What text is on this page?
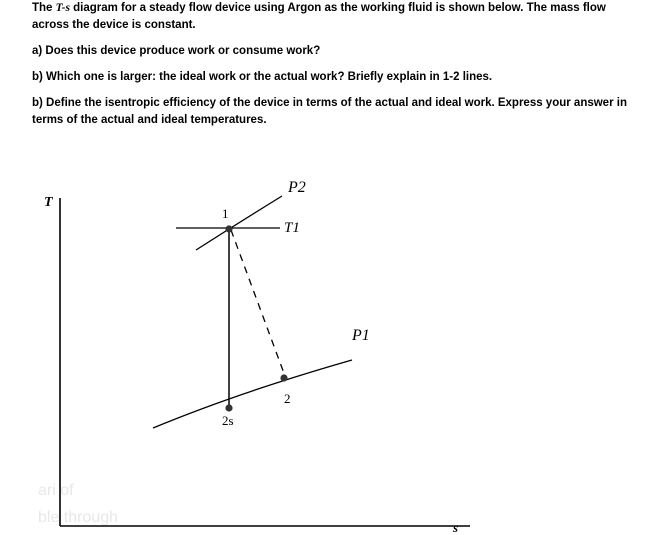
The T-s diagram for a steady flow device using Argon as the working fluid is shown below. The mass flow across the device is constant.

a) Does this device produce work or consume work?

b) Which one is larger: the ideal work or the actual work? Briefly explain in 1-2 lines.

b) Define the isentropic efficiency of the device in terms of the actual and ideal work. Express your answer in terms of the actual and ideal temperatures.

ari of
ble through
T
s
P2
T1
P1
1
2
2s
